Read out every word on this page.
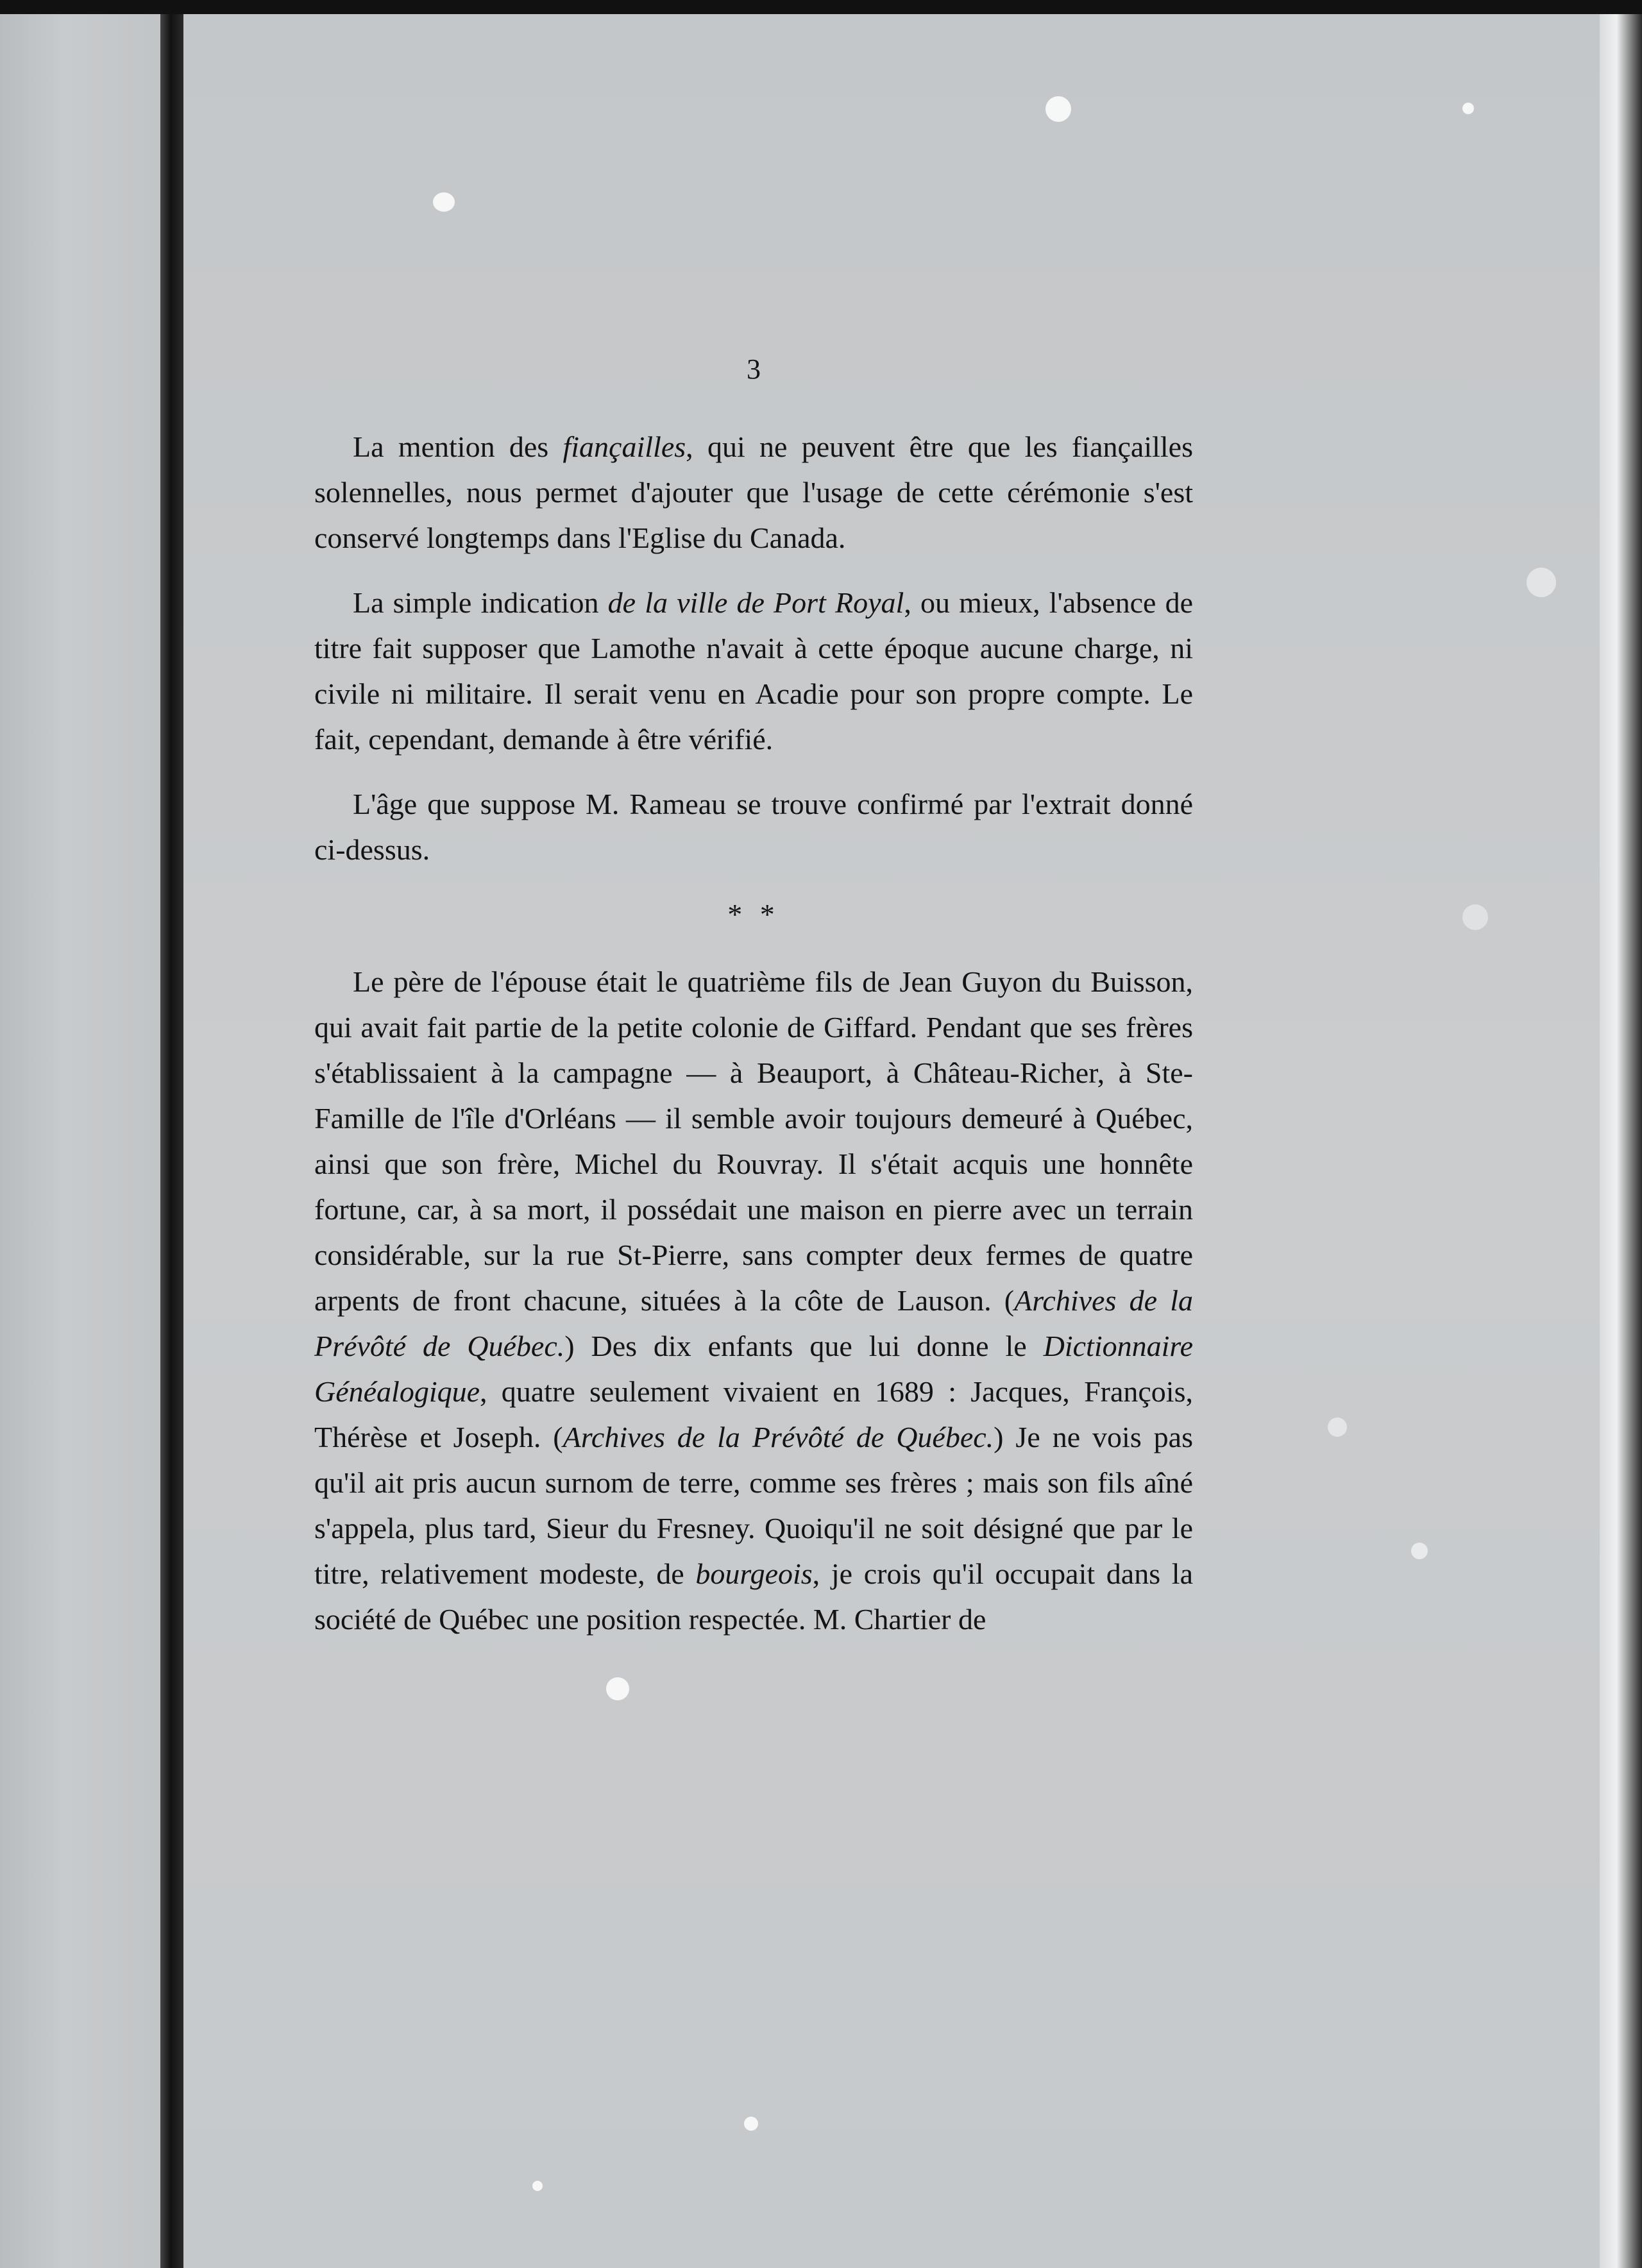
3

La mention des fiançailles, qui ne peuvent être que les fiançailles solennelles, nous permet d'ajouter que l'usage de cette cérémonie s'est conservé longtemps dans l'Eglise du Canada.

La simple indication de la ville de Port Royal, ou mieux, l'absence de titre fait supposer que Lamothe n'avait à cette époque aucune charge, ni civile ni militaire. Il serait venu en Acadie pour son propre compte. Le fait, cependant, demande à être vérifié.

L'âge que suppose M. Rameau se trouve confirmé par l'extrait donné ci-dessus.

* *

Le père de l'épouse était le quatrième fils de Jean Guyon du Buisson, qui avait fait partie de la petite colonie de Giffard. Pendant que ses frères s'établissaient à la campagne — à Beauport, à Château-Richer, à Ste-Famille de l'île d'Orléans — il semble avoir toujours demeuré à Québec, ainsi que son frère, Michel du Rouvray. Il s'était acquis une honnête fortune, car, à sa mort, il possédait une maison en pierre avec un terrain considérable, sur la rue St-Pierre, sans compter deux fermes de quatre arpents de front chacune, situées à la côte de Lauson. (Archives de la Prévôté de Québec.) Des dix enfants que lui donne le Dictionnaire Généalogique, quatre seulement vivaient en 1689 : Jacques, François, Thérèse et Joseph. (Archives de la Prévôté de Québec.) Je ne vois pas qu'il ait pris aucun surnom de terre, comme ses frères ; mais son fils aîné s'appela, plus tard, Sieur du Fresney. Quoiqu'il ne soit désigné que par le titre, relativement modeste, de bourgeois, je crois qu'il occupait dans la société de Québec une position respectée. M. Chartier de
